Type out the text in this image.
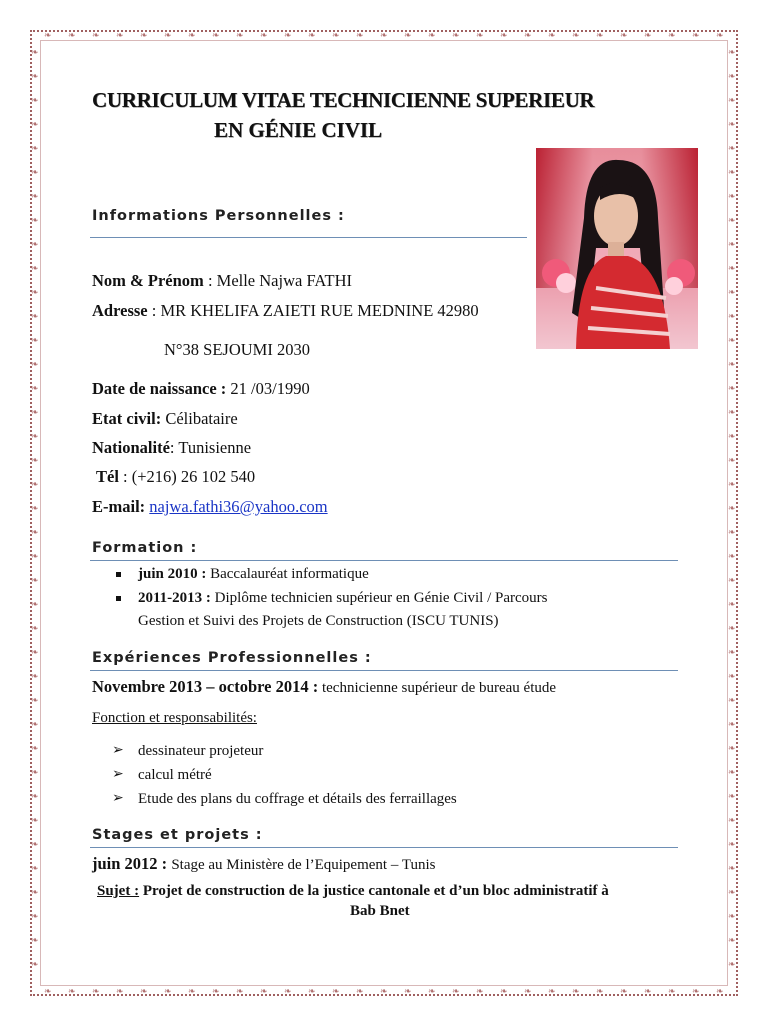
❧
❧
❧
❧
❧
❧
❧
❧
❧
❧
❧
❧
❧
❧
❧
❧
❧
❧
❧
❧
❧
❧
❧
❧
❧
❧
❧
❧
❧
❧
❧
❧
❧
❧
❧
❧
❧
❧
❧
❧
❧
❧
❧
❧
❧
❧
❧
❧
❧
❧
❧
❧
❧
❧
❧
❧
❧
❧
❧	❧
❧	❧
❧	❧
❧	❧
❧	❧
❧	❧
❧	❧
❧	❧
❧	❧
❧	❧
❧	❧
❧	❧
❧	❧
❧	❧
❧	❧
❧	❧
❧	❧
❧	❧
❧	❧
❧	❧
❧	❧
❧	❧
❧	❧
❧	❧
❧	❧
❧	❧
❧	❧
❧	❧
❧	❧
❧	❧
❧	❧
❧	❧
❧	❧
❧	❧
❧	❧
❧	❧
❧	❧
❧	❧
❧	❧
CURRICULUM VITAE TECHNICIENNE SUPERIEUR
EN GÉNIE CIVIL
Informations Personnelles :
Nom & Prénom : Melle Najwa FATHI
Adresse : MR KHELIFA ZAIETI RUE MEDNINE 42980
N°38 SEJOUMI 2030
Date de naissance : 21 /03/1990
Etat civil: Célibataire
Nationalité: Tunisienne
Tél : (+216) 26 102 540
E-mail: najwa.fathi36@yahoo.com
Formation :
juin 2010 : Baccalauréat informatique
2011-2013 : Diplôme technicien supérieur en Génie Civil / Parcours
Gestion et Suivi des Projets de Construction (ISCU TUNIS)
Expériences Professionnelles :
Novembre 2013 – octobre 2014 : technicienne supérieur de bureau étude
Fonction et responsabilités:
➢ dessinateur projeteur
➢ calcul métré
➢ Etude des plans du coffrage et détails des ferraillages
Stages et projets :
juin 2012 : Stage au Ministère de l’Equipement – Tunis
Sujet : Projet de construction de la justice cantonale et d’un bloc administratif à
Bab Bnet
